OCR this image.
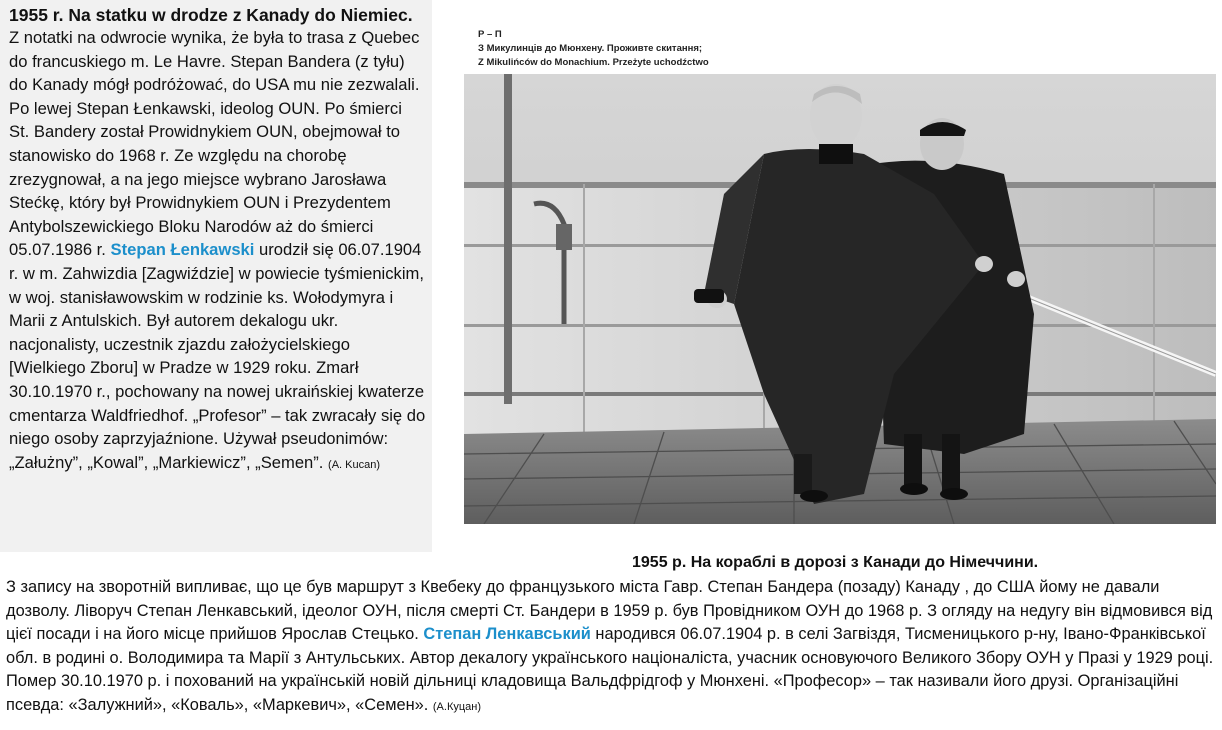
1955 r. Na statku w drodze z Kanady do Niemiec.

Z notatki na odwrocie wynika, że była to trasa z Quebec do francuskiego m. Le Havre. Stepan Bandera (z tyłu) do Kanady mógł podróżować, do USA mu nie zezwalali. Po lewej Stepan Łenkawski, ideolog OUN. Po śmierci St. Bandery został Prowidnykiem OUN, obejmował to stanowisko do 1968 r. Ze względu na chorobę zrezygnował, a na jego miejsce wybrano Jarosława Stećkę, który był Prowidnykiem OUN i Prezydentem Antybolszewickiego Bloku Narodów aż do śmierci 05.07.1986 r. Stepan Łenkawski urodził się 06.07.1904 r. w m. Zahwizdia [Zagwiździe] w powiecie tyśmienickim, w woj. stanisławowskim w rodzinie ks. Wołodymyra i Marii z Antulskich. Był autorem dekalogu ukr. nacjonalisty, uczestnik zjazdu założycielskiego [Wielkiego Zboru] w Pradze w 1929 roku. Zmarł 30.10.1970 r., pochowany na nowej ukraińskiej kwaterze cmentarza Waldfriedhof. „Profesor” – tak zwracały się do niego osoby zaprzyjaźnione. Używał pseudonimów: „Załużny”, „Kowal”, „Markiewicz”, „Semen”. (A. Kucan)

Р – П
З Микулинців до Мюнхену. Проживте скитання;
Z Mikulińców do Monachium. Przeżyte uchodźctwo
1955 р. На кораблі в дорозі з Канади до Німеччини.

З запису на зворотній випливає, що це був маршрут з Квебеку до французького міста Гавр. Степан Бандера (позаду) Канаду , до США йому не давали дозволу. Ліворуч Степан Ленкавський, ідеолог ОУН, після смерті Ст. Бандери в 1959 р. був Провідником ОУН до 1968 р. З огляду на недугу він відмовився від цієї посади і на його місце прийшов Ярослав Стецько. Степан Ленкавський народився 06.07.1904 р. в селі Загвіздя, Тисменицького р-ну, Івано-Франківської обл. в родині о. Володимира та Марії з Антульських. Автор декалогу українського націоналіста, учасник основуючого Великого Збору ОУН у Празі у 1929 році. Помер 30.10.1970 р. і похований на українській новій дільниці кладовища Вальдфрідгоф у Мюнхені. «Професор» – так називали його друзі. Організаційні псевда: «Залужний», «Коваль», «Маркевич», «Семен». (А.Куцан)
